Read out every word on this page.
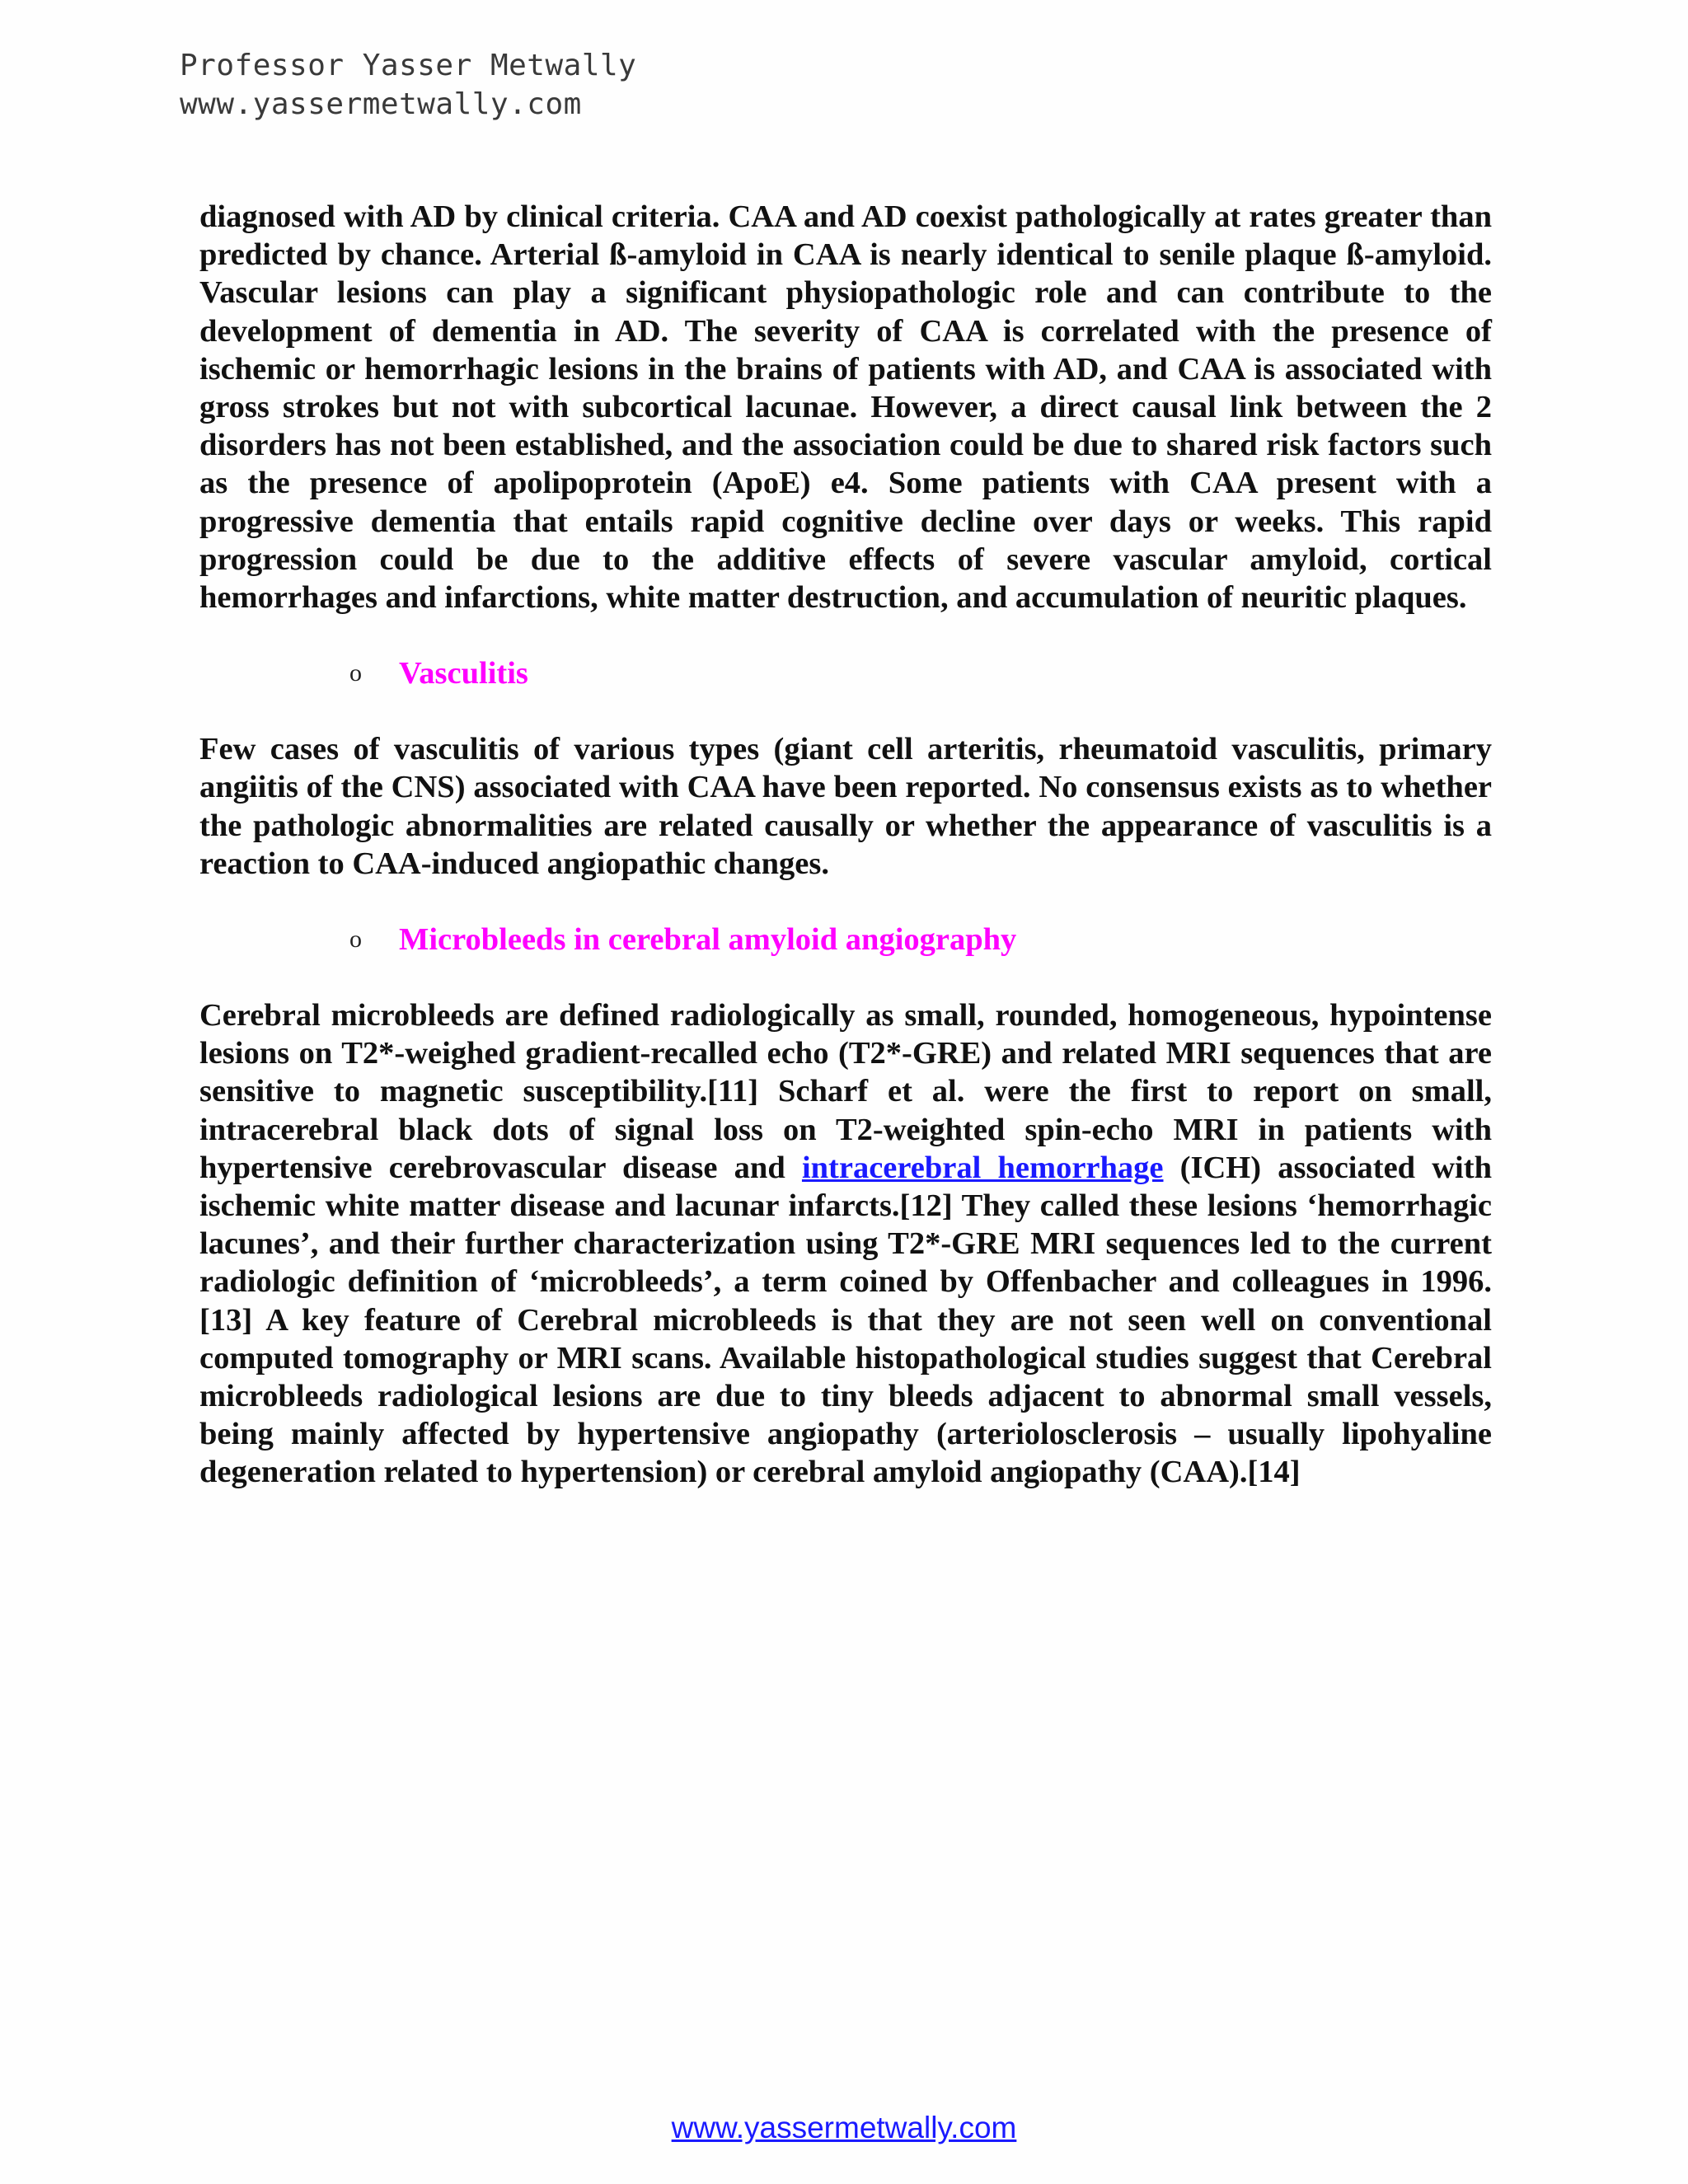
Professor Yasser Metwally
www.yassermetwally.com

diagnosed with AD by clinical criteria. CAA and AD coexist pathologically at rates greater than predicted by chance. Arterial ß-amyloid in CAA is nearly identical to senile plaque ß-amyloid. Vascular lesions can play a significant physiopathologic role and can contribute to the development of dementia in AD. The severity of CAA is correlated with the presence of ischemic or hemorrhagic lesions in the brains of patients with AD, and CAA is associated with gross strokes but not with subcortical lacunae. However, a direct causal link between the 2 disorders has not been established, and the association could be due to shared risk factors such as the presence of apolipoprotein (ApoE) e4. Some patients with CAA present with a progressive dementia that entails rapid cognitive decline over days or weeks. This rapid progression could be due to the additive effects of severe vascular amyloid, cortical hemorrhages and infarctions, white matter destruction, and accumulation of neuritic plaques.

o Vasculitis

Few cases of vasculitis of various types (giant cell arteritis, rheumatoid vasculitis, primary angiitis of the CNS) associated with CAA have been reported. No consensus exists as to whether the pathologic abnormalities are related causally or whether the appearance of vasculitis is a reaction to CAA-induced angiopathic changes.

o Microbleeds in cerebral amyloid angiography

Cerebral microbleeds are defined radiologically as small, rounded, homogeneous, hypointense lesions on T2*-weighed gradient-recalled echo (T2*-GRE) and related MRI sequences that are sensitive to magnetic susceptibility.[11] Scharf et al. were the first to report on small, intracerebral black dots of signal loss on T2-weighted spin-echo MRI in patients with hypertensive cerebrovascular disease and intracerebral hemorrhage (ICH) associated with ischemic white matter disease and lacunar infarcts.[12] They called these lesions ‘hemorrhagic lacunes’, and their further characterization using T2*-GRE MRI sequences led to the current radiologic definition of ‘microbleeds’, a term coined by Offenbacher and colleagues in 1996.[13] A key feature of Cerebral microbleeds is that they are not seen well on conventional computed tomography or MRI scans. Available histopathological studies suggest that Cerebral microbleeds radiological lesions are due to tiny bleeds adjacent to abnormal small vessels, being mainly affected by hypertensive angiopathy (arteriolosclerosis – usually lipohyaline degeneration related to hypertension) or cerebral amyloid angiopathy (CAA).[14]

www.yassermetwally.com
